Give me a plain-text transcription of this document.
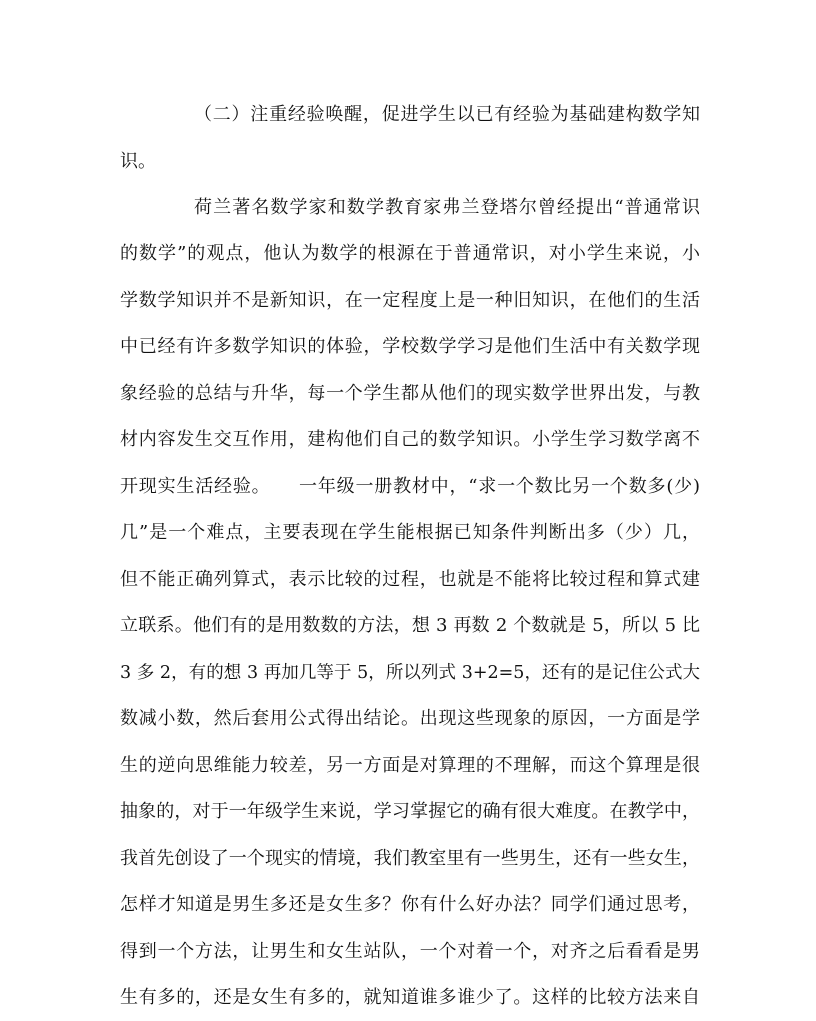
（二）注重经验唤醒，促进学生以已有经验为基础建构数学知
识。
荷兰著名数学家和数学教育家弗兰登塔尔曾经提出“普通常识
的数学”的观点，他认为数学的根源在于普通常识，对小学生来说，小
学数学知识并不是新知识，在一定程度上是一种旧知识，在他们的生活
中已经有许多数学知识的体验，学校数学学习是他们生活中有关数学现
象经验的总结与升华，每一个学生都从他们的现实数学世界出发，与教
材内容发生交互作用，建构他们自己的数学知识。小学生学习数学离不
开现实生活经验。　　一年级一册教材中，“求一个数比另一个数多(少)
几”是一个难点，主要表现在学生能根据已知条件判断出多（少）几，
但不能正确列算式，表示比较的过程，也就是不能将比较过程和算式建
立联系。他们有的是用数数的方法，想 3 再数 2 个数就是 5，所以 5 比
3 多 2，有的想 3 再加几等于 5，所以列式 3+2=5，还有的是记住公式大
数减小数，然后套用公式得出结论。出现这些现象的原因，一方面是学
生的逆向思维能力较差，另一方面是对算理的不理解，而这个算理是很
抽象的，对于一年级学生来说，学习掌握它的确有很大难度。在教学中，
我首先创设了一个现实的情境，我们教室里有一些男生，还有一些女生，
怎样才知道是男生多还是女生多？你有什么好办法？同学们通过思考，
得到一个方法，让男生和女生站队，一个对着一个，对齐之后看看是男
生有多的，还是女生有多的，就知道谁多谁少了。这样的比较方法来自
